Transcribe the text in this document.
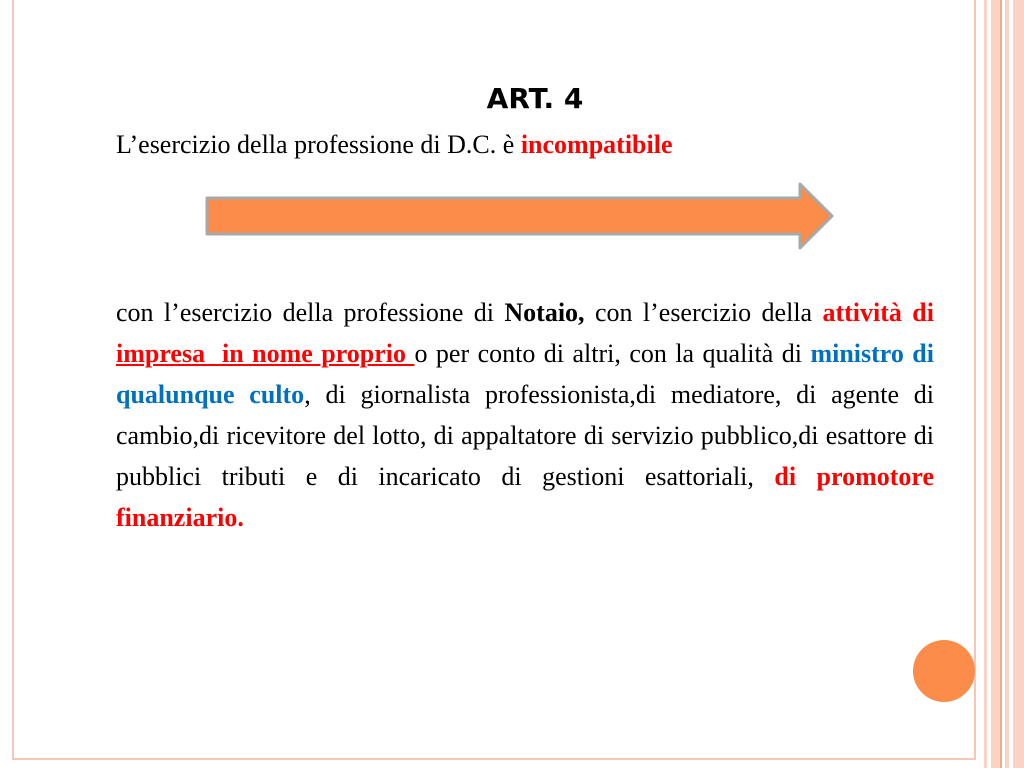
ART. 4
L’esercizio della professione di D.C. è incompatibile
con l’esercizio della professione di Notaio, con l’esercizio della attività di impresa  in nome proprio o per conto di altri, con la qualità di ministro di qualunque culto, di giornalista professionista,di mediatore, di agente di cambio,di ricevitore del lotto, di appaltatore di servizio pubblico,di esattore di pubblici tributi e di incaricato di gestioni esattoriali, di promotore finanziario.
